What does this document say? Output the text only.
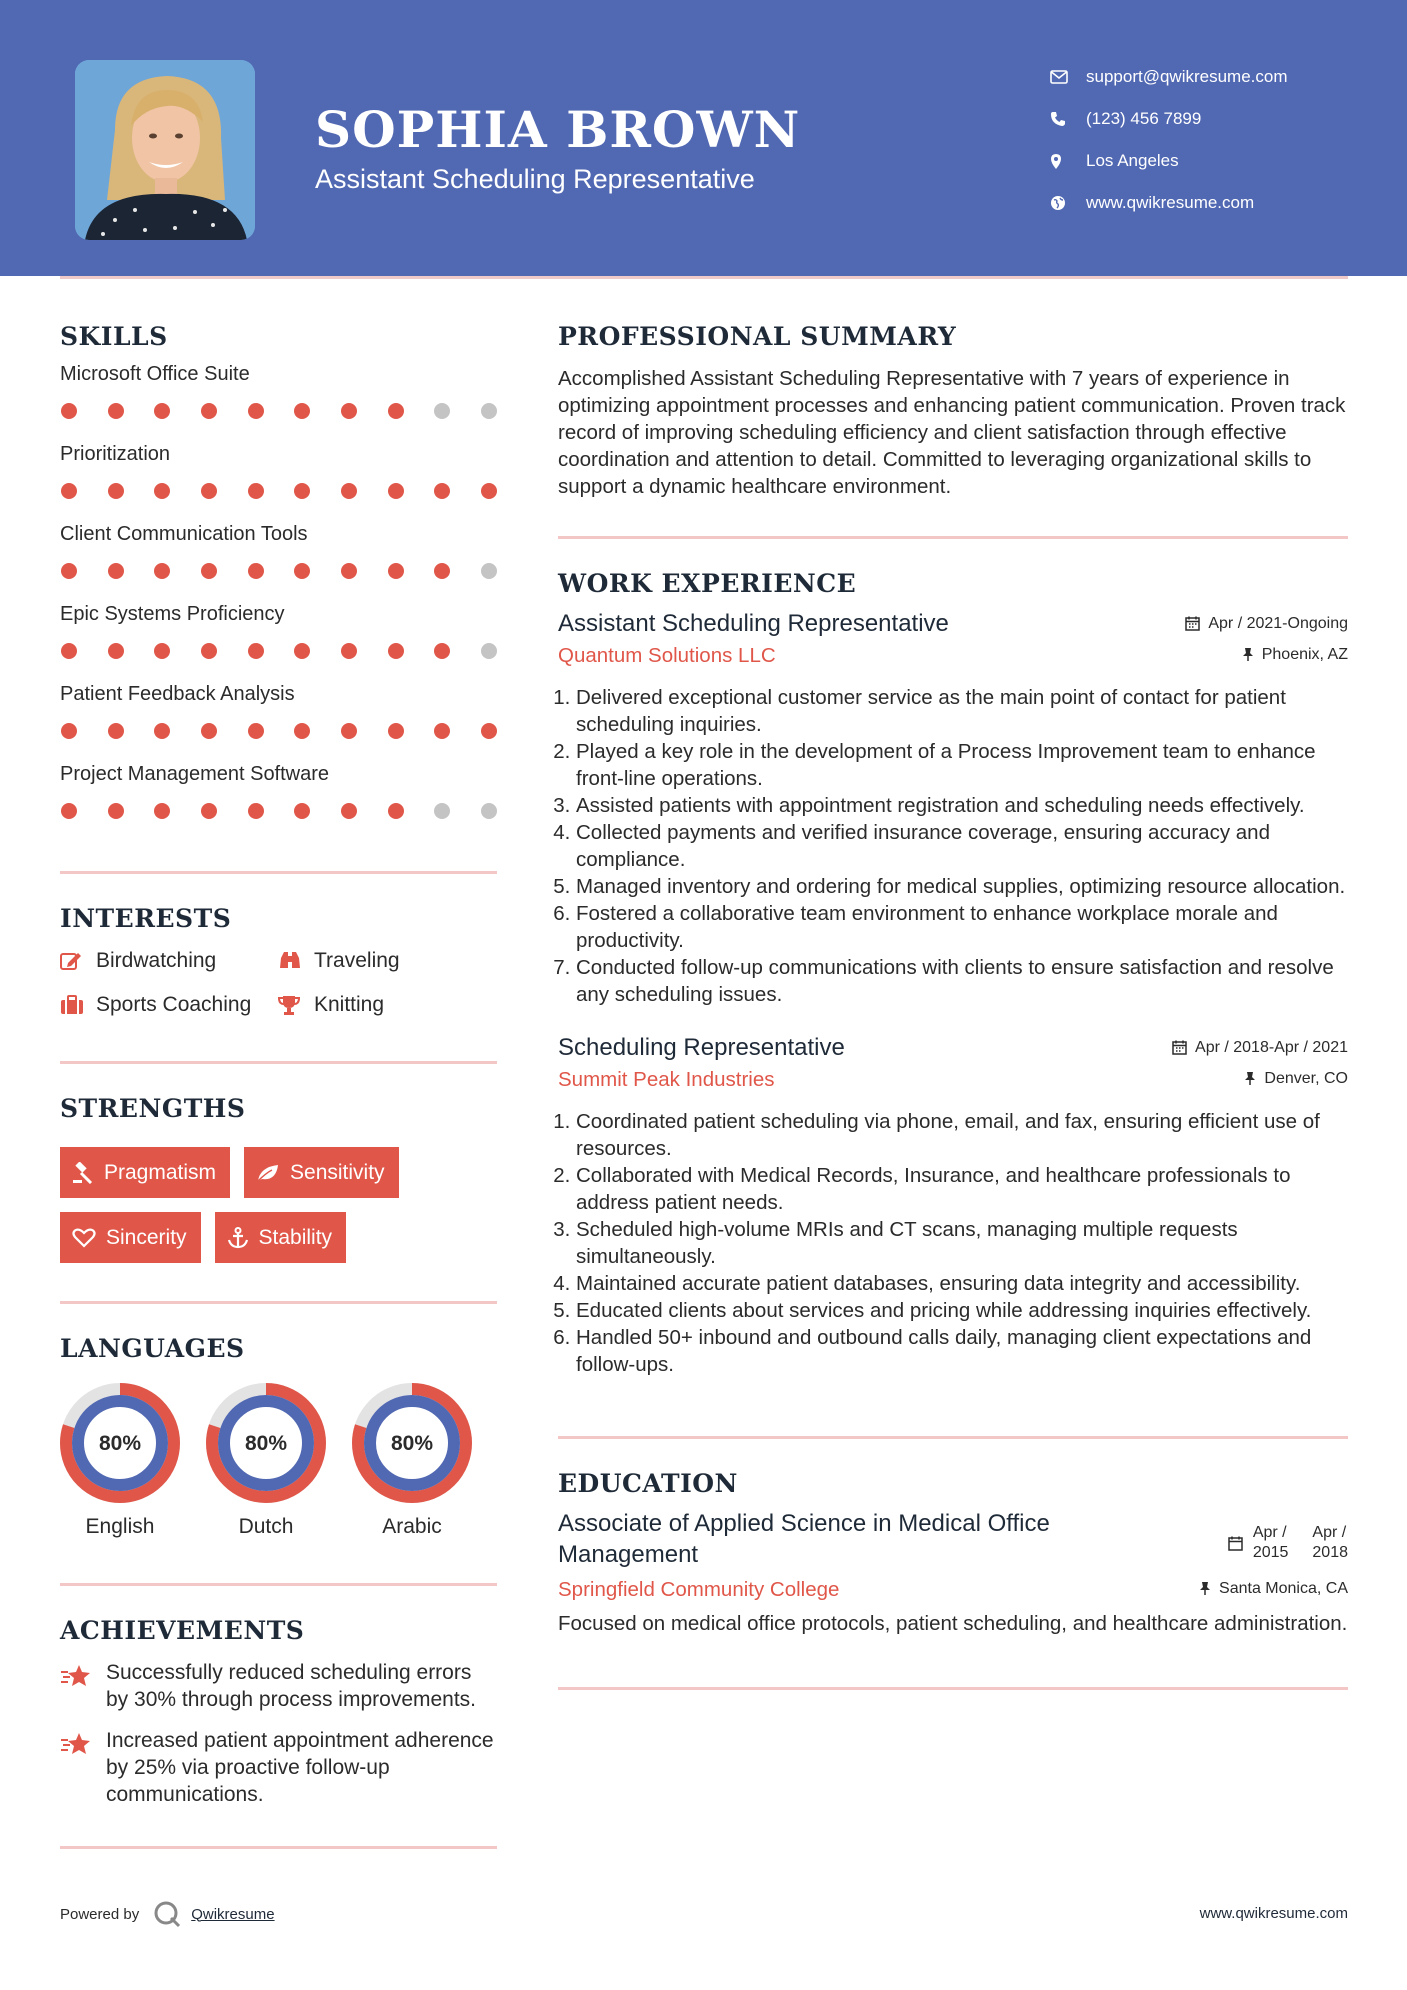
SOPHIA BROWN
Assistant Scheduling Representative
support@qwikresume.com
(123) 456 7899
Los Angeles
www.qwikresume.com
SKILLS
Microsoft Office Suite
Prioritization
Client Communication Tools
Epic Systems Proficiency
Patient Feedback Analysis
Project Management Software
INTERESTS
Birdwatching	Traveling
Sports Coaching	Knitting
STRENGTHS
Pragmatism	Sensitivity
Sincerity	Stability
LANGUAGES
80%
English
80%
Dutch
80%
Arabic
ACHIEVEMENTS
Successfully reduced scheduling errors by 30% through process improvements.
Increased patient appointment adherence by 25% via proactive follow-up communications.
PROFESSIONAL SUMMARY
Accomplished Assistant Scheduling Representative with 7 years of experience in optimizing appointment processes and enhancing patient communication. Proven track record of improving scheduling efficiency and client satisfaction through effective coordination and attention to detail. Committed to leveraging organizational skills to support a dynamic healthcare environment.
WORK EXPERIENCE
Assistant Scheduling Representative	Apr / 2021-Ongoing
Quantum Solutions LLC	Phoenix, AZ
1. Delivered exceptional customer service as the main point of contact for patient scheduling inquiries.
2. Played a key role in the development of a Process Improvement team to enhance front-line operations.
3. Assisted patients with appointment registration and scheduling needs effectively.
4. Collected payments and verified insurance coverage, ensuring accuracy and compliance.
5. Managed inventory and ordering for medical supplies, optimizing resource allocation.
6. Fostered a collaborative team environment to enhance workplace morale and productivity.
7. Conducted follow-up communications with clients to ensure satisfaction and resolve any scheduling issues.
Scheduling Representative	Apr / 2018-Apr / 2021
Summit Peak Industries	Denver, CO
1. Coordinated patient scheduling via phone, email, and fax, ensuring efficient use of resources.
2. Collaborated with Medical Records, Insurance, and healthcare professionals to address patient needs.
3. Scheduled high-volume MRIs and CT scans, managing multiple requests simultaneously.
4. Maintained accurate patient databases, ensuring data integrity and accessibility.
5. Educated clients about services and pricing while addressing inquiries effectively.
6. Handled 50+ inbound and outbound calls daily, managing client expectations and follow-ups.
EDUCATION
Associate of Applied Science in Medical Office Management
Apr /
2015
Apr /
2018
Springfield Community College	Santa Monica, CA
Focused on medical office protocols, patient scheduling, and healthcare administration.
Powered by	Qwikresume	www.qwikresume.com
